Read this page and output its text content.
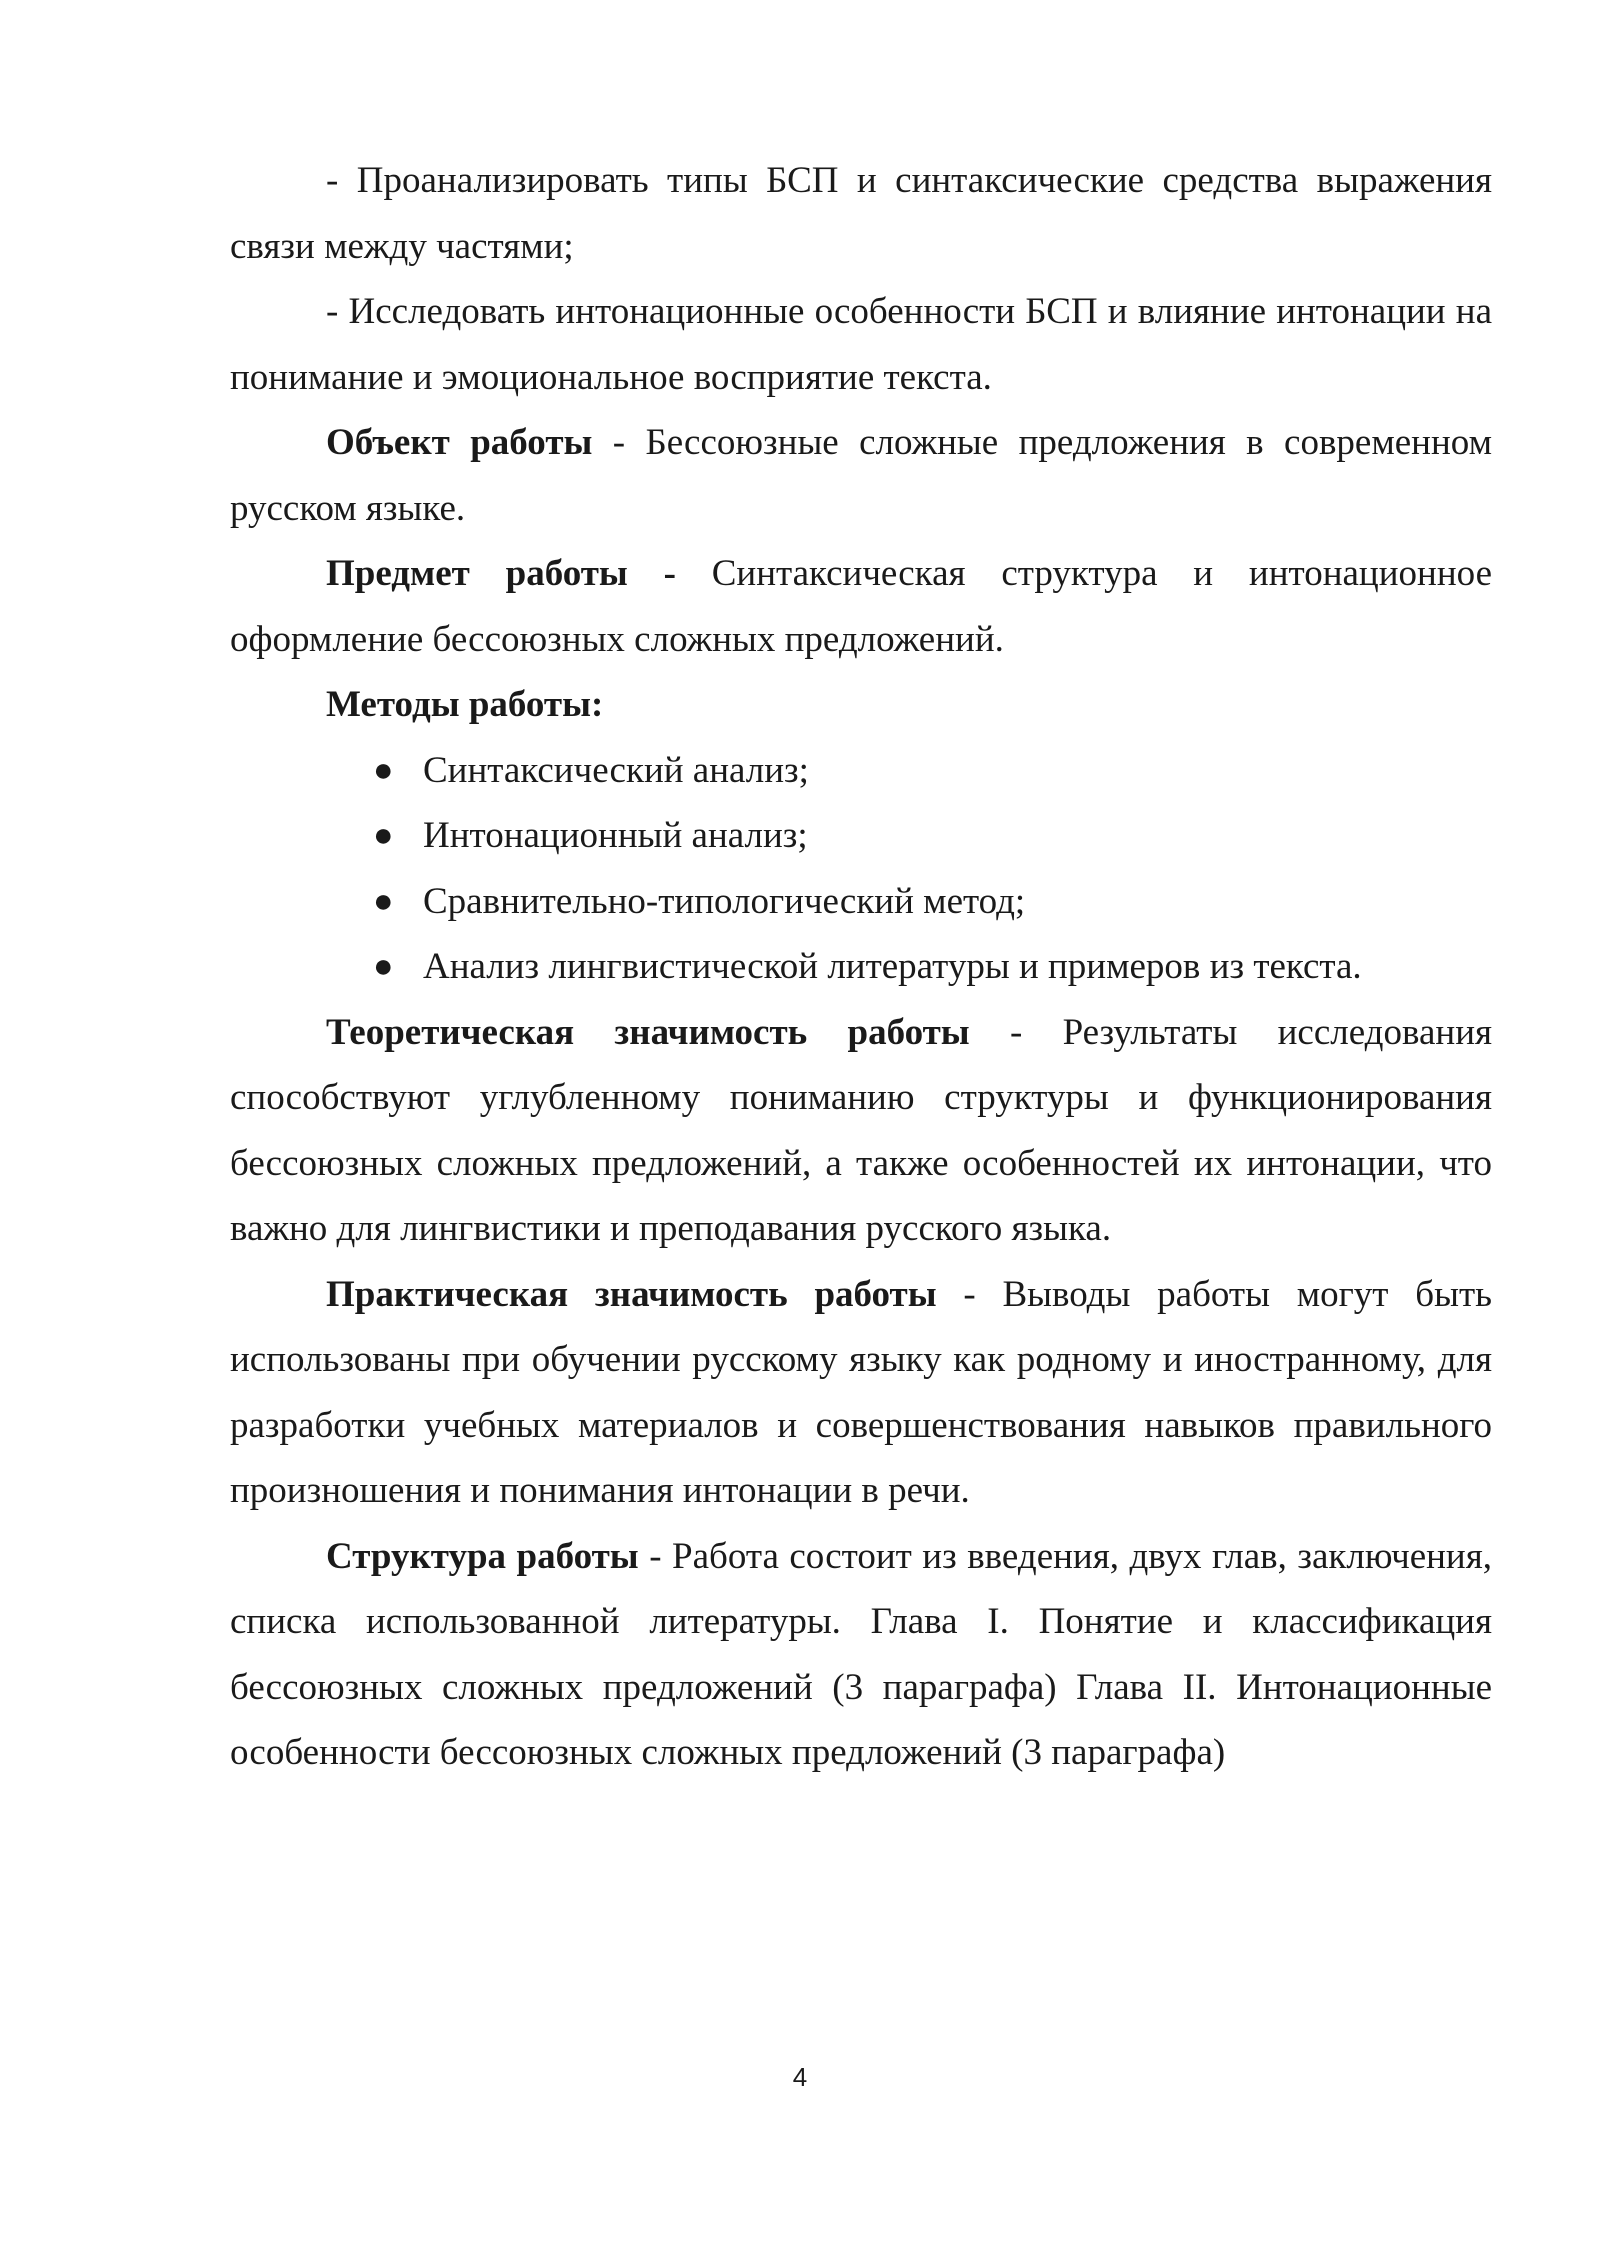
- Проанализировать типы БСП и синтаксические средства выражения связи между частями;

- Исследовать интонационные особенности БСП и влияние интонации на понимание и эмоциональное восприятие текста.

Объект работы - Бессоюзные сложные предложения в современном русском языке.

Предмет работы - Синтаксическая структура и интонационное оформление бессоюзных сложных предложений.

Методы работы:

● Синтаксический анализ;
● Интонационный анализ;
● Сравнительно-типологический метод;
● Анализ лингвистической литературы и примеров из текста.

Теоретическая значимость работы - Результаты исследования способствуют углубленному пониманию структуры и функционирования бессоюзных сложных предложений, а также особенностей их интонации, что важно для лингвистики и преподавания русского языка.

Практическая значимость работы - Выводы работы могут быть использованы при обучении русскому языку как родному и иностранному, для разработки учебных материалов и совершенствования навыков правильного произношения и понимания интонации в речи.

Структура работы - Работа состоит из введения, двух глав, заключения, списка использованной литературы. Глава I. Понятие и классификация бессоюзных сложных предложений (3 параграфа) Глава II. Интонационные особенности бессоюзных сложных предложений (3 параграфа)

4
